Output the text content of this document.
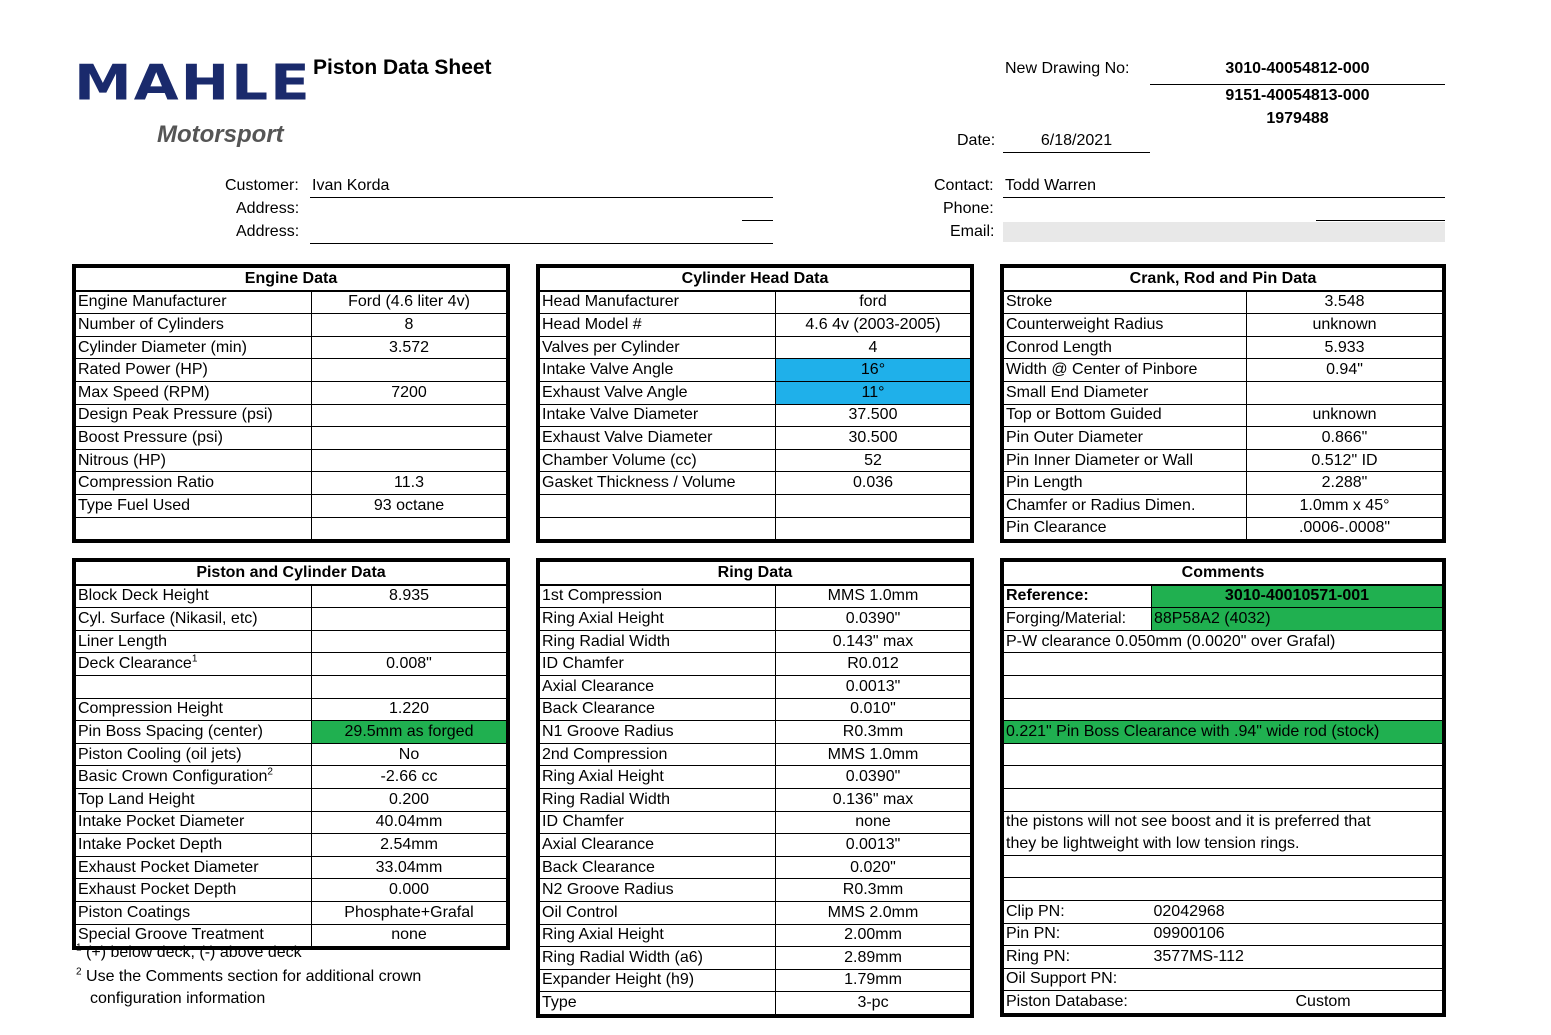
MAHLE
Motorsport
Piston Data Sheet	New Drawing No:	3010-40054812-000
9151-40054813-000
1979488
Date:	6/18/2021
Customer: Ivan Korda
Address:
Address:
Contact: Todd Warren
Phone:
Email:
Engine Data	
Engine Manufacturer	Ford (4.6 liter 4v)
Number of Cylinders	8
Cylinder Diameter (min)	3.572
Rated Power (HP)	
Max Speed (RPM)	7200
Design Peak Pressure (psi)	
Boost Pressure (psi)	
Nitrous (HP)	
Compression Ratio	11.3
Type Fuel Used	93 octane

Cylinder Head Data	
Head Manufacturer	ford
Head Model #	4.6 4v (2003-2005)
Valves per Cylinder	4
Intake Valve Angle	16°
Exhaust Valve Angle	11°
Intake Valve Diameter	37.500
Exhaust Valve Diameter	30.500
Chamber Volume (cc)	52
Gasket Thickness / Volume	0.036

Crank, Rod and Pin Data	
Stroke	3.548
Counterweight Radius	unknown
Conrod Length	5.933
Width @ Center of Pinbore	0.94"
Small End Diameter	
Top or Bottom Guided	unknown
Pin Outer Diameter	0.866"
Pin Inner Diameter or Wall	0.512" ID
Pin Length	2.288"
Chamfer or Radius Dimen.	1.0mm x 45°
Pin Clearance	.0006-.0008"
Piston and Cylinder Data	
Block Deck Height	8.935
Cyl. Surface (Nikasil, etc)	
Liner Length	
Deck Clearance$^1$	0.008"

Compression Height	1.220
Pin Boss Spacing (center)	29.5mm as forged
Piston Cooling (oil jets)	No
Basic Crown Configuration$^2$	-2.66 cc
Top Land Height	0.200
Intake Pocket Diameter	40.04mm
Intake Pocket Depth	2.54mm
Exhaust Pocket Diameter	33.04mm
Exhaust Pocket Depth	0.000
Piston Coatings	Phosphate+Grafal
Special Groove Treatment	none
$^1$ (+) below deck, (-) above deck
$^2$ Use the Comments section for additional crown
configuration information
Ring Data	
1st Compression	MMS 1.0mm
Ring Axial Height	0.0390"
Ring Radial Width	0.143" max
ID Chamfer	R0.012
Axial Clearance	0.0013"
Back Clearance	0.010"
N1 Groove Radius	R0.3mm
2nd Compression	MMS 1.0mm
Ring Axial Height	0.0390"
Ring Radial Width	0.136" max
ID Chamfer	none
Axial Clearance	0.0013"
Back Clearance	0.020"
N2 Groove Radius	R0.3mm
Oil Control	MMS 2.0mm
Ring Axial Height	2.00mm
Ring Radial Width (a6)	2.89mm
Expander Height (h9)	1.79mm
Type	3-pc
Comments		
Reference:	3010-40010571-001	
Forging/Material:	88P58A2 (4032)	
P-W clearance 0.050mm (0.0020" over Grafal)		

0.221" Pin Boss Clearance with .94" wide rod (stock)		

the pistons will not see boost and it is preferred that		
they be lightweight with low tension rings.		

Clip PN:	02042968	
Pin PN:	09900106	
Ring PN:	3577MS-112	
Oil Support PN:		
Piston Database:		Custom
